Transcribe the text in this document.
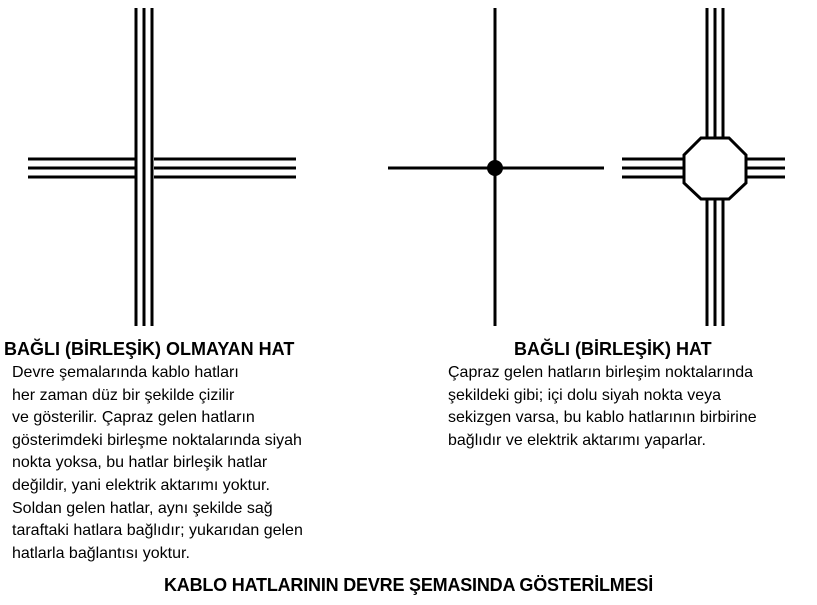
BAĞLI (BİRLEŞİK) OLMAYAN HAT	BAĞLI (BİRLEŞİK) HAT

Devre şemalarında kablo hatları

her zaman düz bir şekilde çizilir

ve gösterilir. Çapraz gelen hatların

gösterimdeki birleşme noktalarında siyah

nokta yoksa, bu hatlar birleşik hatlar

değildir, yani elektrik aktarımı yoktur.

Soldan gelen hatlar, aynı şekilde sağ

taraftaki hatlara bağlıdır; yukarıdan gelen

hatlarla bağlantısı yoktur.

Çapraz gelen hatların birleşim noktalarında

şekildeki gibi; içi dolu siyah nokta veya

sekizgen varsa, bu kablo hatlarının birbirine

bağlıdır ve elektrik aktarımı yaparlar.

KABLO HATLARININ DEVRE ŞEMASINDA GÖSTERİLMESİ
